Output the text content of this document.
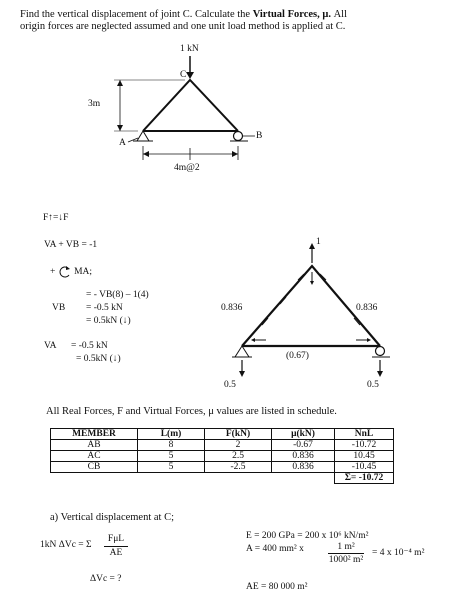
Find the vertical displacement of joint C. Calculate the Virtual Forces, μ. All
origin forces are neglected assumed and one unit load method is applied at C.
1 kN
C
A
B
3m
4m@2
F↑=↓F
VA + VB = -1
+ MA;
= - VB(8) – 1(4)
VB = -0.5 kN
= 0.5kN (↓)
VA = -0.5 kN
= 0.5kN (↓)
1
0.836	0.836
(0.67)
0.5	0.5
All Real Forces, F and Virtual Forces, μ values are listed in schedule.
MEMBER	L(m)	F(kN)	μ(kN)	NnL
AB	8	2	-0.67	-10.72
AC	5	2.5	0.836	10.45
CB	5	-2.5	0.836	-10.45
				Σ= -10.72
a) Vertical displacement at C;
1kN ΔVc = Σ
FμL
AE
ΔVc = ?
E = 200 GPa = 200 x 10⁶ kN/m²
A = 400 mm² x	1 m²
1000² m²
= 4 x 10⁻⁴ m²
AE = 80 000 m²
